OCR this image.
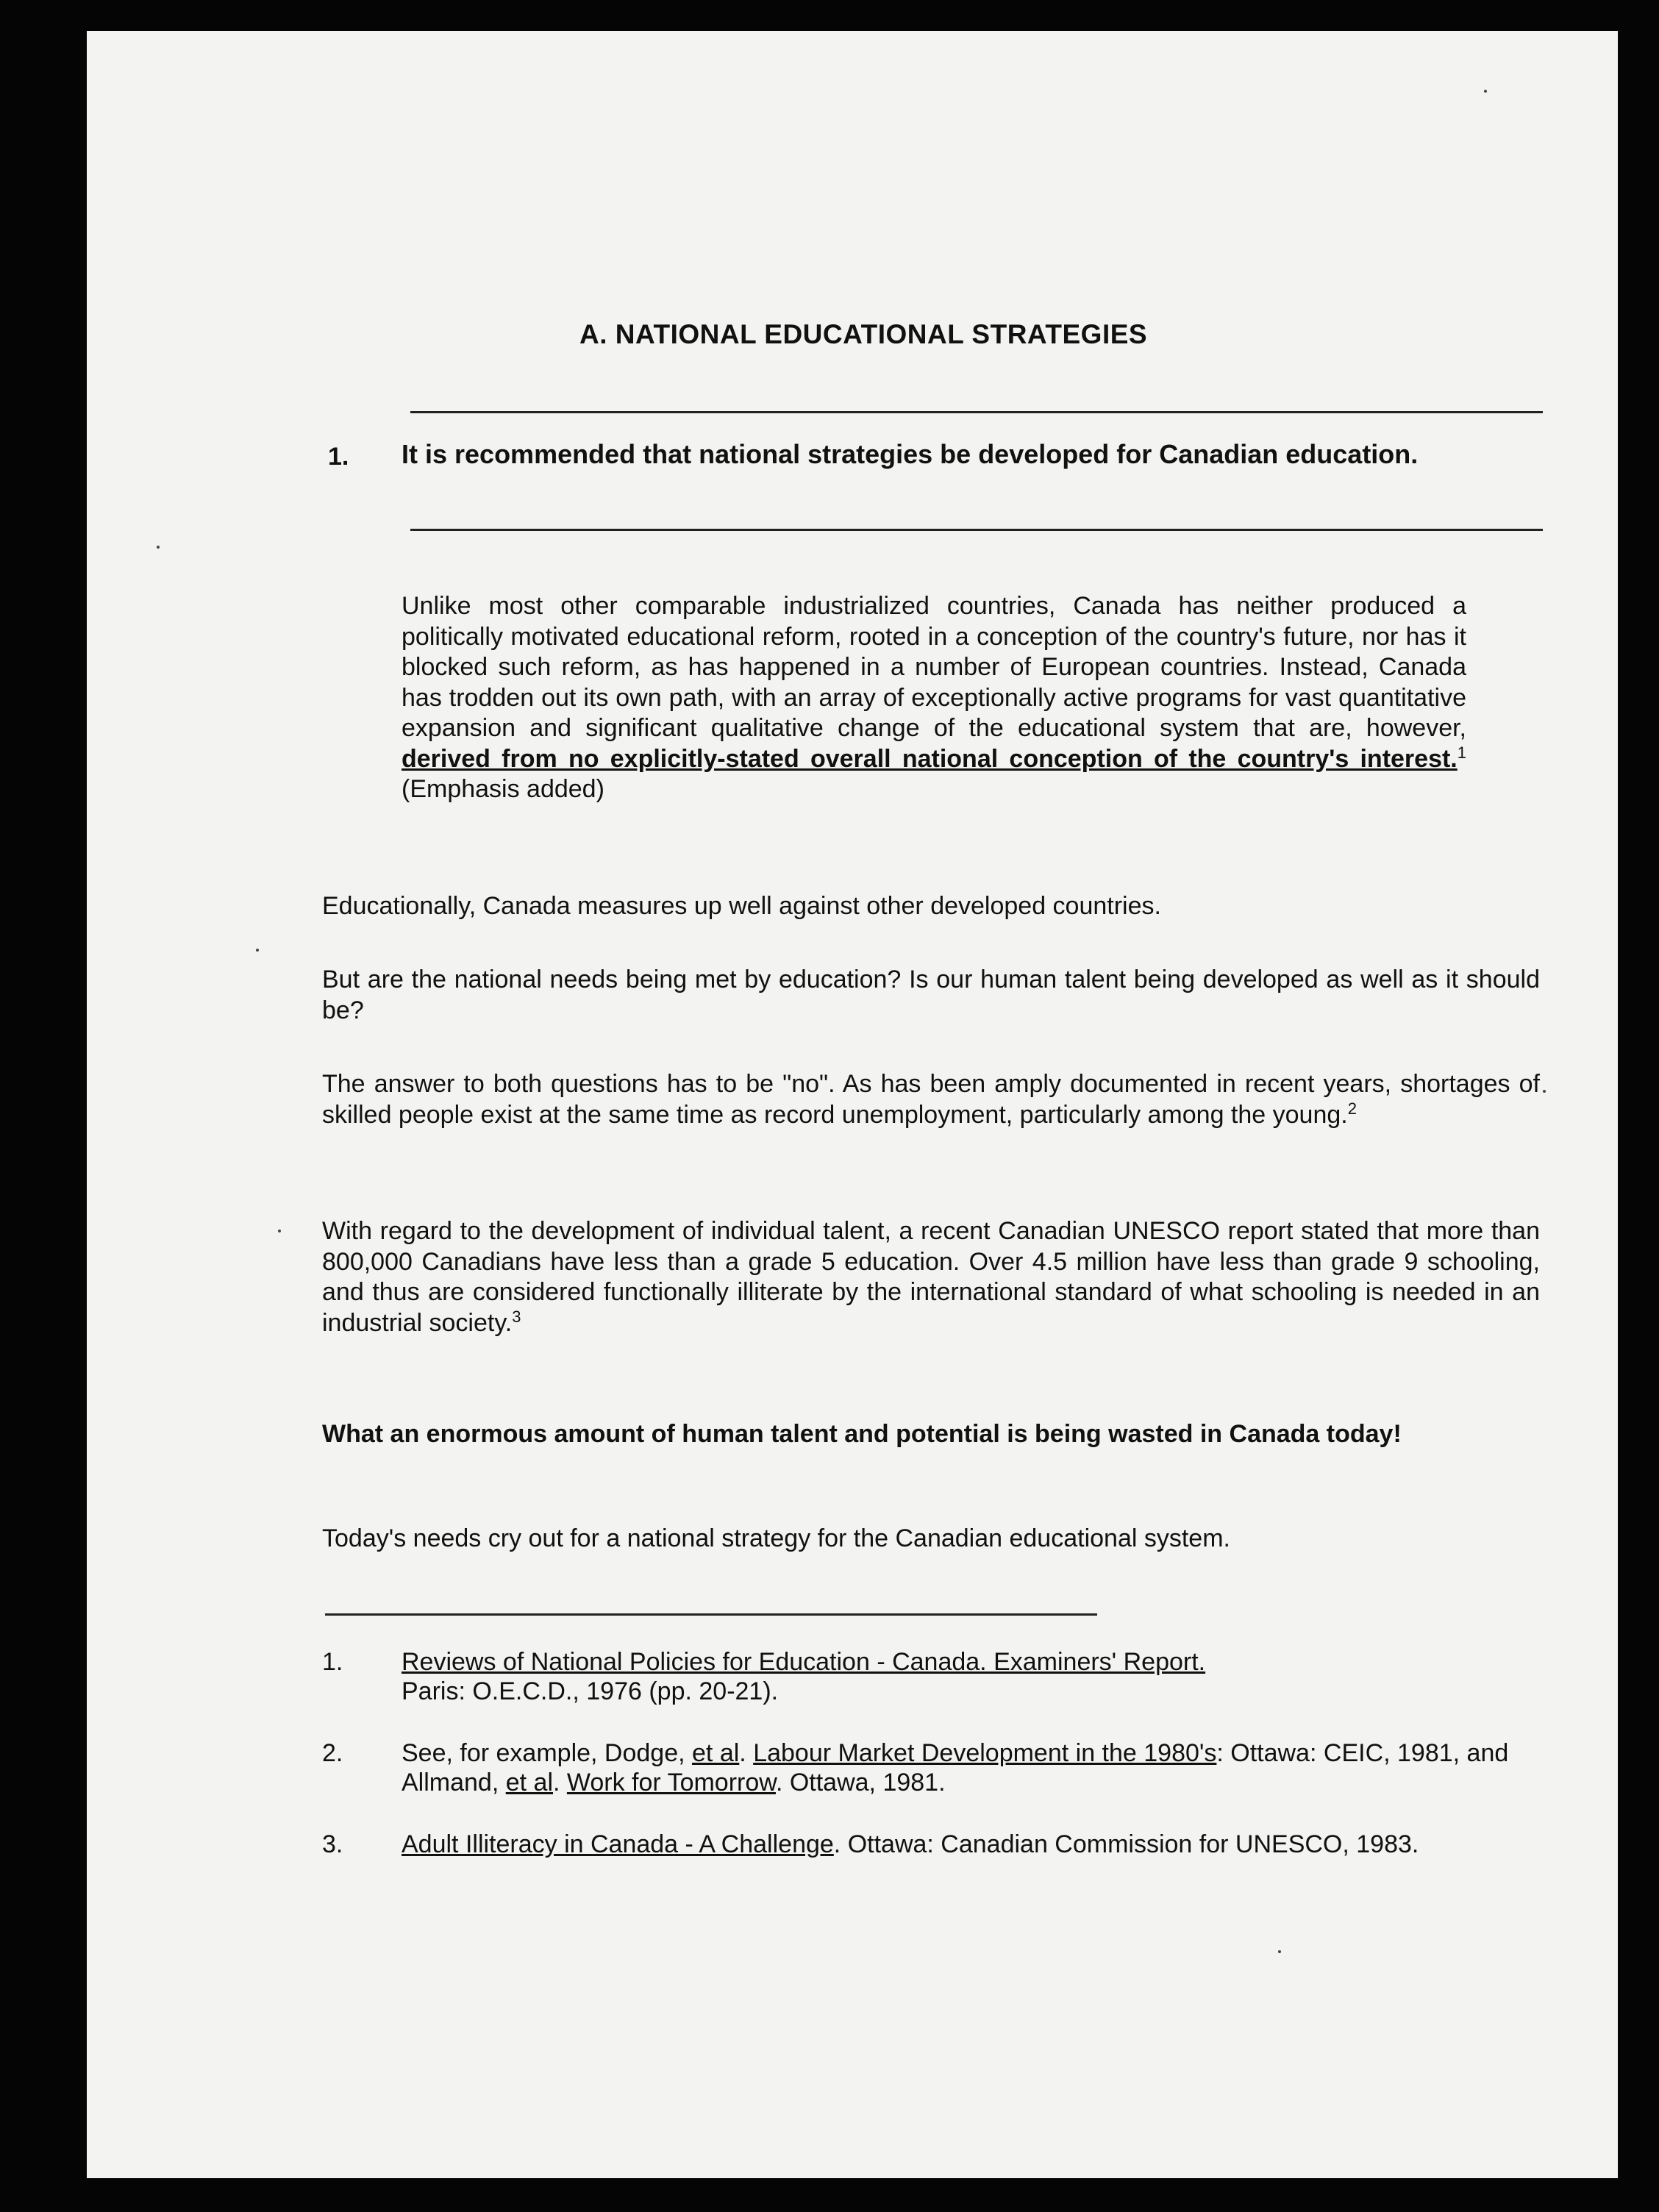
A. NATIONAL EDUCATIONAL STRATEGIES
1. It is recommended that national strategies be developed for Canadian education.
Unlike most other comparable industrialized countries, Canada has neither produced a politically motivated educational reform, rooted in a conception of the country's future, nor has it blocked such reform, as has happened in a number of European countries. Instead, Canada has trodden out its own path, with an array of exceptionally active programs for vast quantitative expansion and significant qualitative change of the educational system that are, however, derived from no explicitly-stated overall national conception of the country's interest.$^1$ (Emphasis added)
Educationally, Canada measures up well against other developed countries.
But are the national needs being met by education? Is our human talent being developed as well as it should be?
The answer to both questions has to be "no". As has been amply documented in recent years, shortages of skilled people exist at the same time as record unemployment, particularly among the young.$^2$
With regard to the development of individual talent, a recent Canadian UNESCO report stated that more than 800,000 Canadians have less than a grade 5 education. Over 4.5 million have less than grade 9 schooling, and thus are considered functionally illiterate by the international standard of what schooling is needed in an industrial society.$^3$
What an enormous amount of human talent and potential is being wasted in Canada today!
Today's needs cry out for a national strategy for the Canadian educational system.
1. Reviews of National Policies for Education - Canada. Examiners' Report.
Paris: O.E.C.D., 1976 (pp. 20-21).
2. See, for example, Dodge, et al. Labour Market Development in the 1980's: Ottawa: CEIC, 1981, and Allmand, et al. Work for Tomorrow. Ottawa, 1981.
3. Adult Illiteracy in Canada - A Challenge. Ottawa: Canadian Commission for UNESCO, 1983.
